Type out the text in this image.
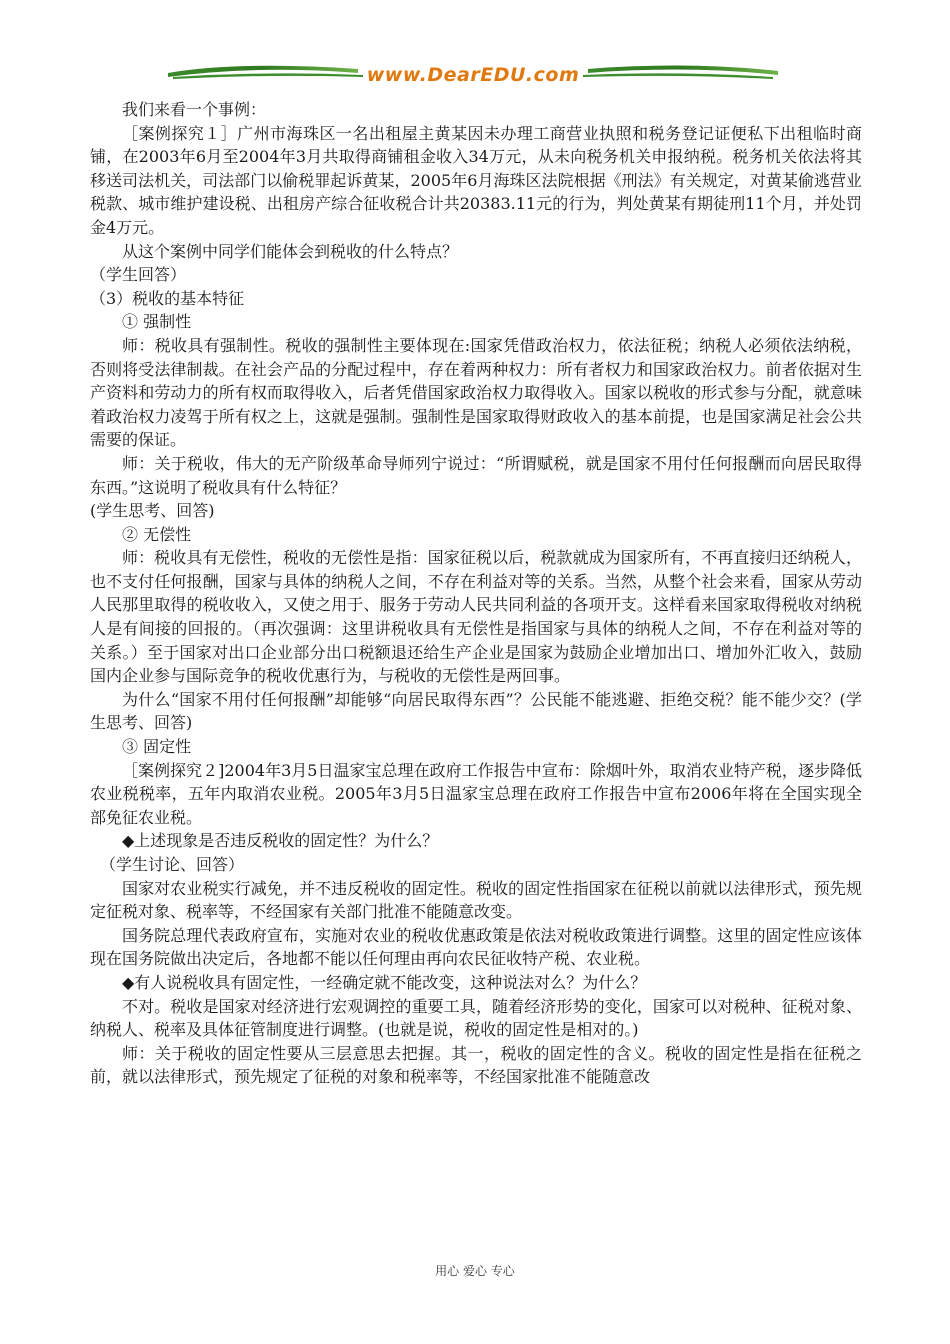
www.DearEDU.com

我们来看一个事例：

［案例探究１］广州市海珠区一名出租屋主黄某因未办理工商营业执照和税务登记证便私下出租临时商铺，在2003年6月至2004年3月共取得商铺租金收入34万元，从未向税务机关申报纳税。税务机关依法将其移送司法机关，司法部门以偷税罪起诉黄某，2005年6月海珠区法院根据《刑法》有关规定，对黄某偷逃营业税款、城市维护建设税、出租房产综合征收税合计共20383.11元的行为，判处黄某有期徒刑11个月，并处罚金4万元。

从这个案例中同学们能体会到税收的什么特点？

（学生回答）

（3）税收的基本特征

① 强制性

师：税收具有强制性。税收的强制性主要体现在:国家凭借政治权力，依法征税；纳税人必须依法纳税，否则将受法律制裁。在社会产品的分配过程中，存在着两种权力：所有者权力和国家政治权力。前者依据对生产资料和劳动力的所有权而取得收入，后者凭借国家政治权力取得收入。国家以税收的形式参与分配，就意味着政治权力凌驾于所有权之上，这就是强制。强制性是国家取得财政收入的基本前提，也是国家满足社会公共需要的保证。

师：关于税收，伟大的无产阶级革命导师列宁说过：“所谓赋税，就是国家不用付任何报酬而向居民取得东西。”这说明了税收具有什么特征？

(学生思考、回答)

② 无偿性

师：税收具有无偿性，税收的无偿性是指：国家征税以后，税款就成为国家所有，不再直接归还纳税人，也不支付任何报酬，国家与具体的纳税人之间，不存在利益对等的关系。当然，从整个社会来看，国家从劳动人民那里取得的税收收入，又使之用于、服务于劳动人民共同利益的各项开支。这样看来国家取得税收对纳税人是有间接的回报的。（再次强调：这里讲税收具有无偿性是指国家与具体的纳税人之间，不存在利益对等的关系。）至于国家对出口企业部分出口税额退还给生产企业是国家为鼓励企业增加出口、增加外汇收入，鼓励国内企业参与国际竞争的税收优惠行为，与税收的无偿性是两回事。

为什么“国家不用付任何报酬”却能够“向居民取得东西”？公民能不能逃避、拒绝交税？能不能少交？(学生思考、回答)

③ 固定性

［案例探究２]2004年3月5日温家宝总理在政府工作报告中宣布：除烟叶外，取消农业特产税，逐步降低农业税税率，五年内取消农业税。2005年3月5日温家宝总理在政府工作报告中宣布2006年将在全国实现全部免征农业税。

◆上述现象是否违反税收的固定性？为什么？

（学生讨论、回答）

国家对农业税实行减免，并不违反税收的固定性。税收的固定性指国家在征税以前就以法律形式，预先规定征税对象、税率等，不经国家有关部门批准不能随意改变。

国务院总理代表政府宣布，实施对农业的税收优惠政策是依法对税收政策进行调整。这里的固定性应该体现在国务院做出决定后，各地都不能以任何理由再向农民征收特产税、农业税。

◆有人说税收具有固定性，一经确定就不能改变，这种说法对么？为什么？

不对。税收是国家对经济进行宏观调控的重要工具，随着经济形势的变化，国家可以对税种、征税对象、纳税人、税率及具体征管制度进行调整。(也就是说，税收的固定性是相对的。)

师：关于税收的固定性要从三层意思去把握。其一，税收的固定性的含义。税收的固定性是指在征税之前，就以法律形式，预先规定了征税的对象和税率等，不经国家批准不能随意改

用心 爱心 专心
